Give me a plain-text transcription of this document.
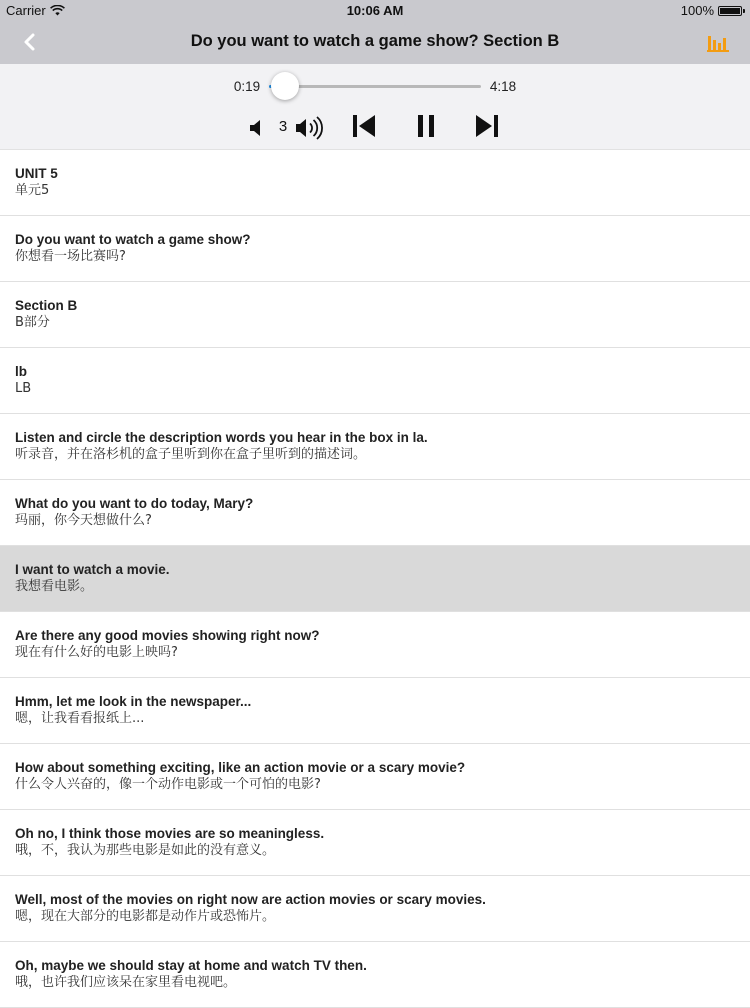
Carrier	10:06 AM	100%
Do you want to watch a game show? Section B
0:19	4:18
3
UNIT 5
单元5
Do you want to watch a game show?
你想看一场比赛吗?
Section B
B部分
lb
LB
Listen and circle the description words you hear in the box in la.
听录音，并在洛杉机的盒子里听到你在盒子里听到的描述词。
What do you want to do today, Mary?
玛丽，你今天想做什么?
I want to watch a movie.
我想看电影。
Are there any good movies showing right now?
现在有什么好的电影上映吗?
Hmm, let me look in the newspaper...
嗯，让我看看报纸上...
How about something exciting, like an action movie or a scary movie?
什么令人兴奋的，像一个动作电影或一个可怕的电影?
Oh no, I think those movies are so meaningless.
哦，不，我认为那些电影是如此的没有意义。
Well, most of the movies on right now are action movies or scary movies.
嗯，现在大部分的电影都是动作片或恐怖片。
Oh, maybe we should stay at home and watch TV then.
哦，也许我们应该呆在家里看电视吧。
